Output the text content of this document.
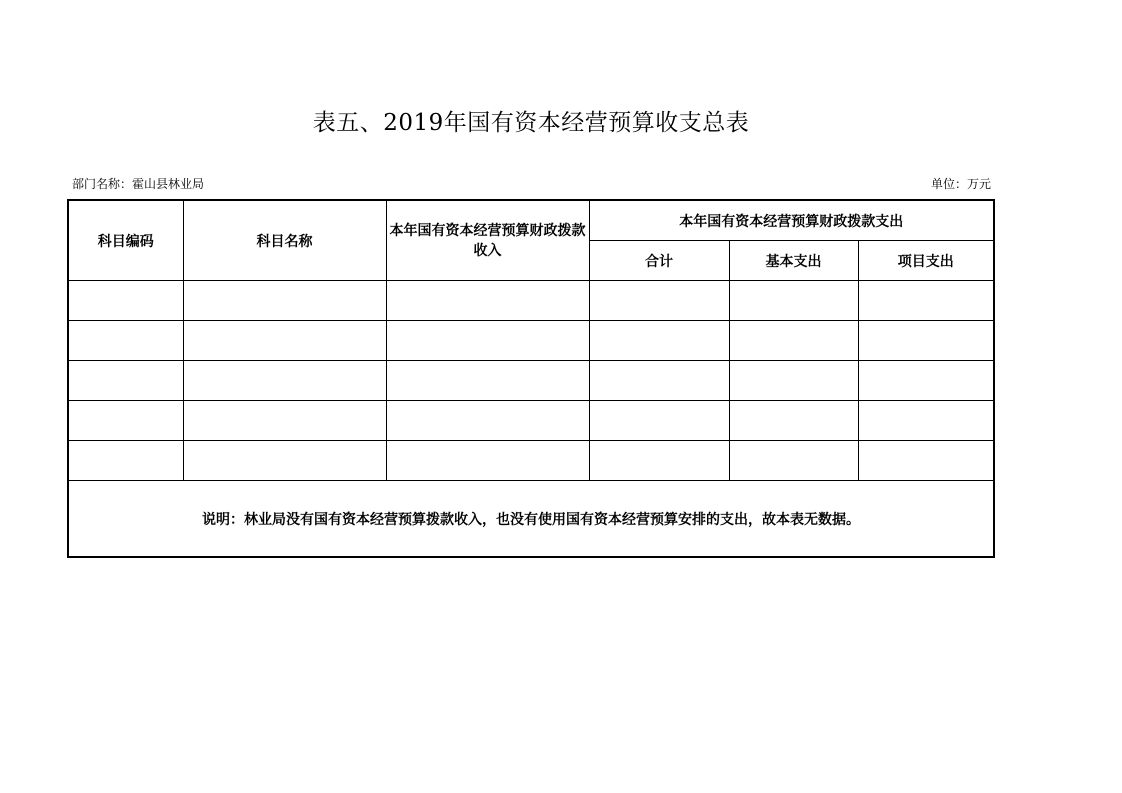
表五、2019年国有资本经营预算收支总表
部门名称：霍山县林业局	单位：万元
科目编码	科目名称	本年国有资本经营预算财政拨款收入	本年国有资本经营预算财政拨款支出		
			合计	基本支出	项目支出

说明：林业局没有国有资本经营预算拨款收入，也没有使用国有资本经营预算安排的支出，故本表无数据。					
